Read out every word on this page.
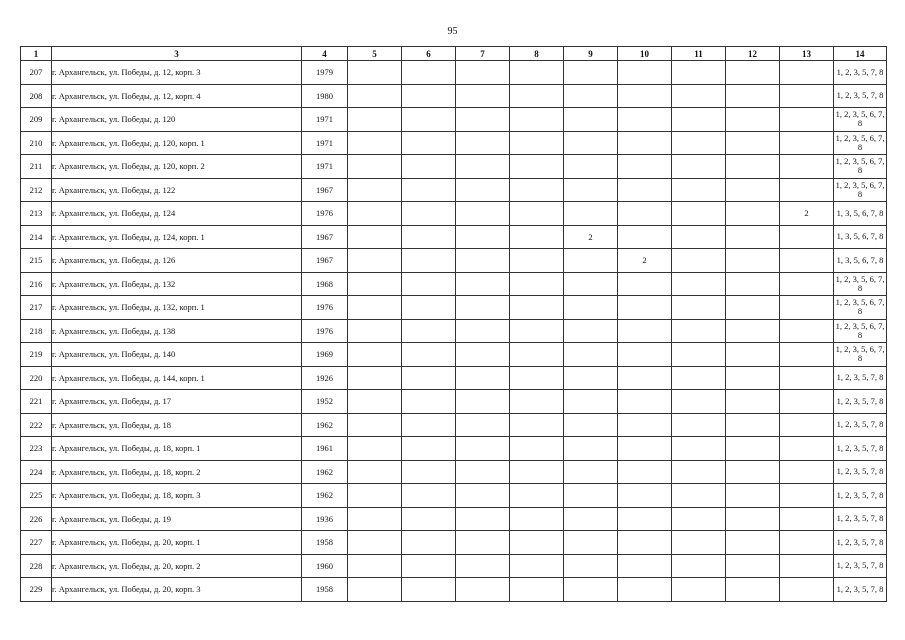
95
1	3	4	5	6	7	8	9	10	11	12	13	14
207	г. Архангельск, ул. Победы, д. 12, корп. 3	1979										1, 2, 3, 5, 7, 8
208	г. Архангельск, ул. Победы, д. 12, корп. 4	1980										1, 2, 3, 5, 7, 8
209	г. Архангельск, ул. Победы, д. 120	1971										1, 2, 3, 5, 6, 7, 8
210	г. Архангельск, ул. Победы, д. 120, корп. 1	1971										1, 2, 3, 5, 6, 7, 8
211	г. Архангельск, ул. Победы, д. 120, корп. 2	1971										1, 2, 3, 5, 6, 7, 8
212	г. Архангельск, ул. Победы, д. 122	1967										1, 2, 3, 5, 6, 7, 8
213	г. Архангельск, ул. Победы, д. 124	1976									2	1, 3, 5, 6, 7, 8
214	г. Архангельск, ул. Победы, д. 124, корп. 1	1967					2					1, 3, 5, 6, 7, 8
215	г. Архангельск, ул. Победы, д. 126	1967						2				1, 3, 5, 6, 7, 8
216	г. Архангельск, ул. Победы, д. 132	1968										1, 2, 3, 5, 6, 7, 8
217	г. Архангельск, ул. Победы, д. 132, корп. 1	1976										1, 2, 3, 5, 6, 7, 8
218	г. Архангельск, ул. Победы, д. 138	1976										1, 2, 3, 5, 6, 7, 8
219	г. Архангельск, ул. Победы, д. 140	1969										1, 2, 3, 5, 6, 7, 8
220	г. Архангельск, ул. Победы, д. 144, корп. 1	1926										1, 2, 3, 5, 7, 8
221	г. Архангельск, ул. Победы, д. 17	1952										1, 2, 3, 5, 7, 8
222	г. Архангельск, ул. Победы, д. 18	1962										1, 2, 3, 5, 7, 8
223	г. Архангельск, ул. Победы, д. 18, корп. 1	1961										1, 2, 3, 5, 7, 8
224	г. Архангельск, ул. Победы, д. 18, корп. 2	1962										1, 2, 3, 5, 7, 8
225	г. Архангельск, ул. Победы, д. 18, корп. 3	1962										1, 2, 3, 5, 7, 8
226	г. Архангельск, ул. Победы, д. 19	1936										1, 2, 3, 5, 7, 8
227	г. Архангельск, ул. Победы, д. 20, корп. 1	1958										1, 2, 3, 5, 7, 8
228	г. Архангельск, ул. Победы, д. 20, корп. 2	1960										1, 2, 3, 5, 7, 8
229	г. Архангельск, ул. Победы, д. 20, корп. 3	1958										1, 2, 3, 5, 7, 8
